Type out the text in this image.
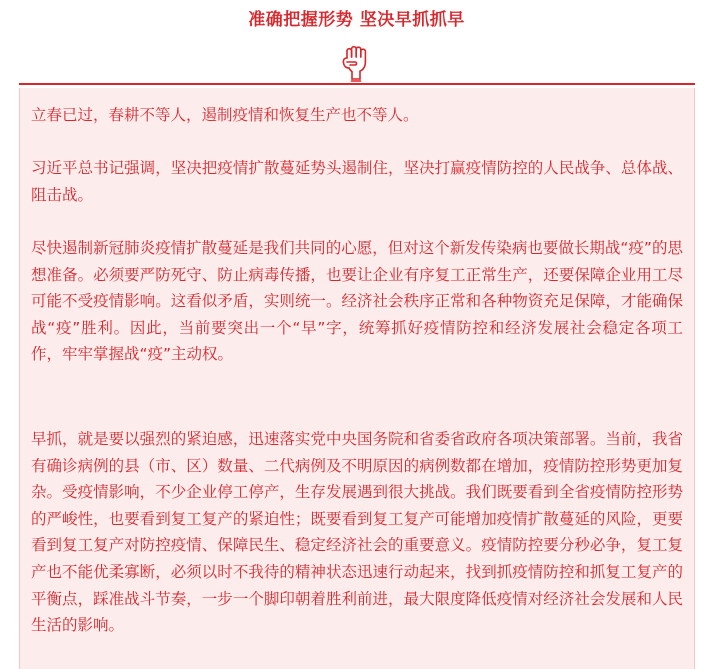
准确把握形势 坚决早抓抓早

立春已过，春耕不等人，遏制疫情和恢复生产也不等人。

习近平总书记强调，坚决把疫情扩散蔓延势头遏制住，坚决打赢疫情防控的人民战争、总体战、阻击战。

尽快遏制新冠肺炎疫情扩散蔓延是我们共同的心愿，但对这个新发传染病也要做长期战“疫”的思想准备。必须要严防死守、防止病毒传播，也要让企业有序复工正常生产，还要保障企业用工尽可能不受疫情影响。这看似矛盾，实则统一。经济社会秩序正常和各种物资充足保障，才能确保战“疫”胜利。因此，当前要突出一个“早”字，统筹抓好疫情防控和经济发展社会稳定各项工作，牢牢掌握战“疫”主动权。

早抓，就是要以强烈的紧迫感，迅速落实党中央国务院和省委省政府各项决策部署。当前，我省有确诊病例的县（市、区）数量、二代病例及不明原因的病例数都在增加，疫情防控形势更加复杂。受疫情影响，不少企业停工停产，生存发展遇到很大挑战。我们既要看到全省疫情防控形势的严峻性，也要看到复工复产的紧迫性；既要看到复工复产可能增加疫情扩散蔓延的风险，更要看到复工复产对防控疫情、保障民生、稳定经济社会的重要意义。疫情防控要分秒必争，复工复产也不能优柔寡断，必须以时不我待的精神状态迅速行动起来，找到抓疫情防控和抓复工复产的平衡点，踩准战斗节奏，一步一个脚印朝着胜利前进，最大限度降低疫情对经济社会发展和人民生活的影响。
